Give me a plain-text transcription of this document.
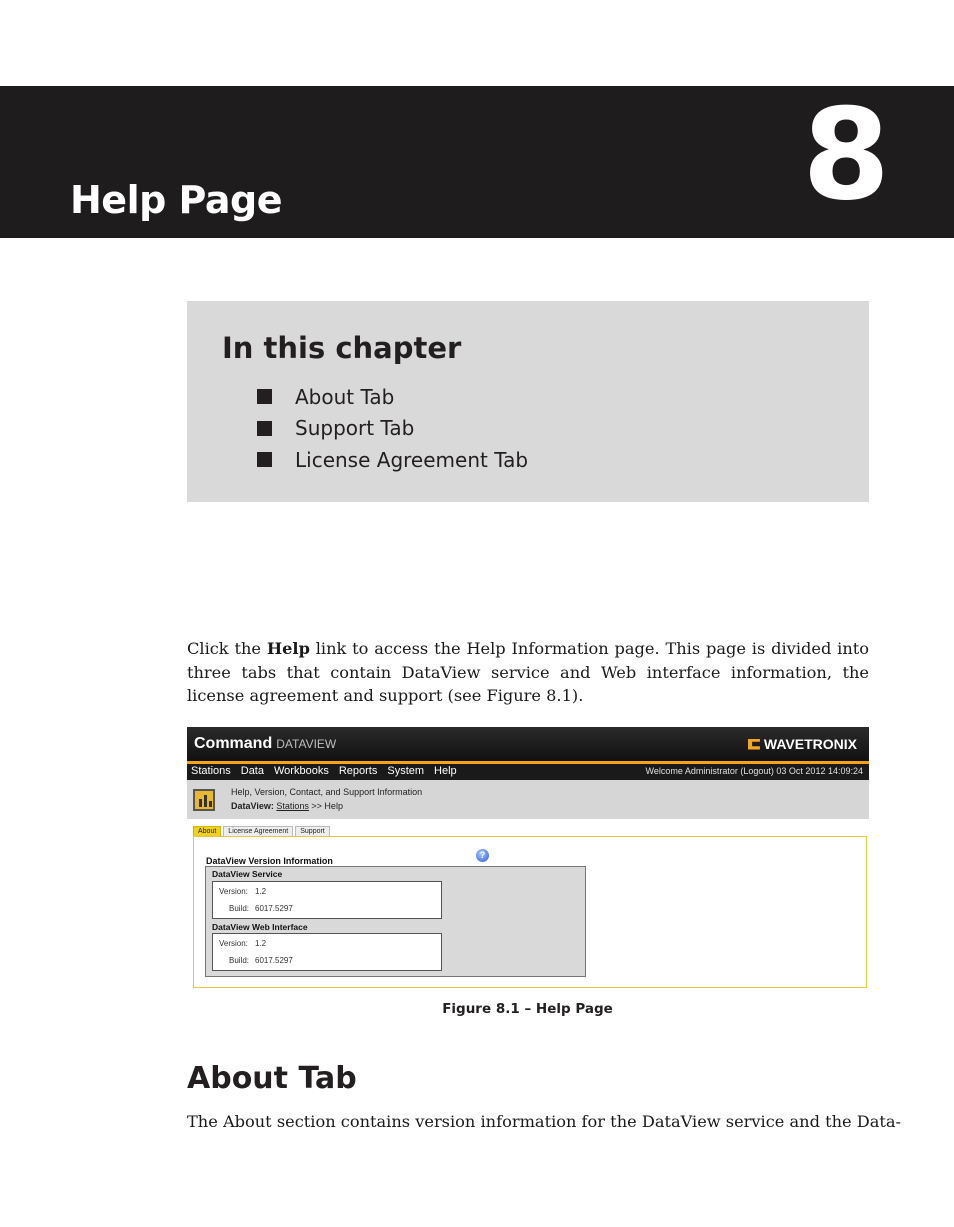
Help Page	8
In this chapter
About Tab
Support Tab
License Agreement Tab

Click the Help link to access the Help Information page. This page is divided into three tabs that contain DataView service and Web interface information, the license agreement and support (see Figure 8.1).

Command DATAVIEW	WAVETRONIX
Stations Data Workbooks Reports System Help	Welcome Administrator (Logout) 03 Oct 2012 14:09:24
Help, Version, Contact, and Support Information
DataView: Stations >> Help
About	License Agreement	Support
DataView Version Information
?
DataView Service
Version: 1.2
Build: 6017.5297
DataView Web Interface
Version: 1.2
Build: 6017.5297
Figure 8.1 – Help Page
About Tab
The About section contains version information for the DataView service and the Data-
